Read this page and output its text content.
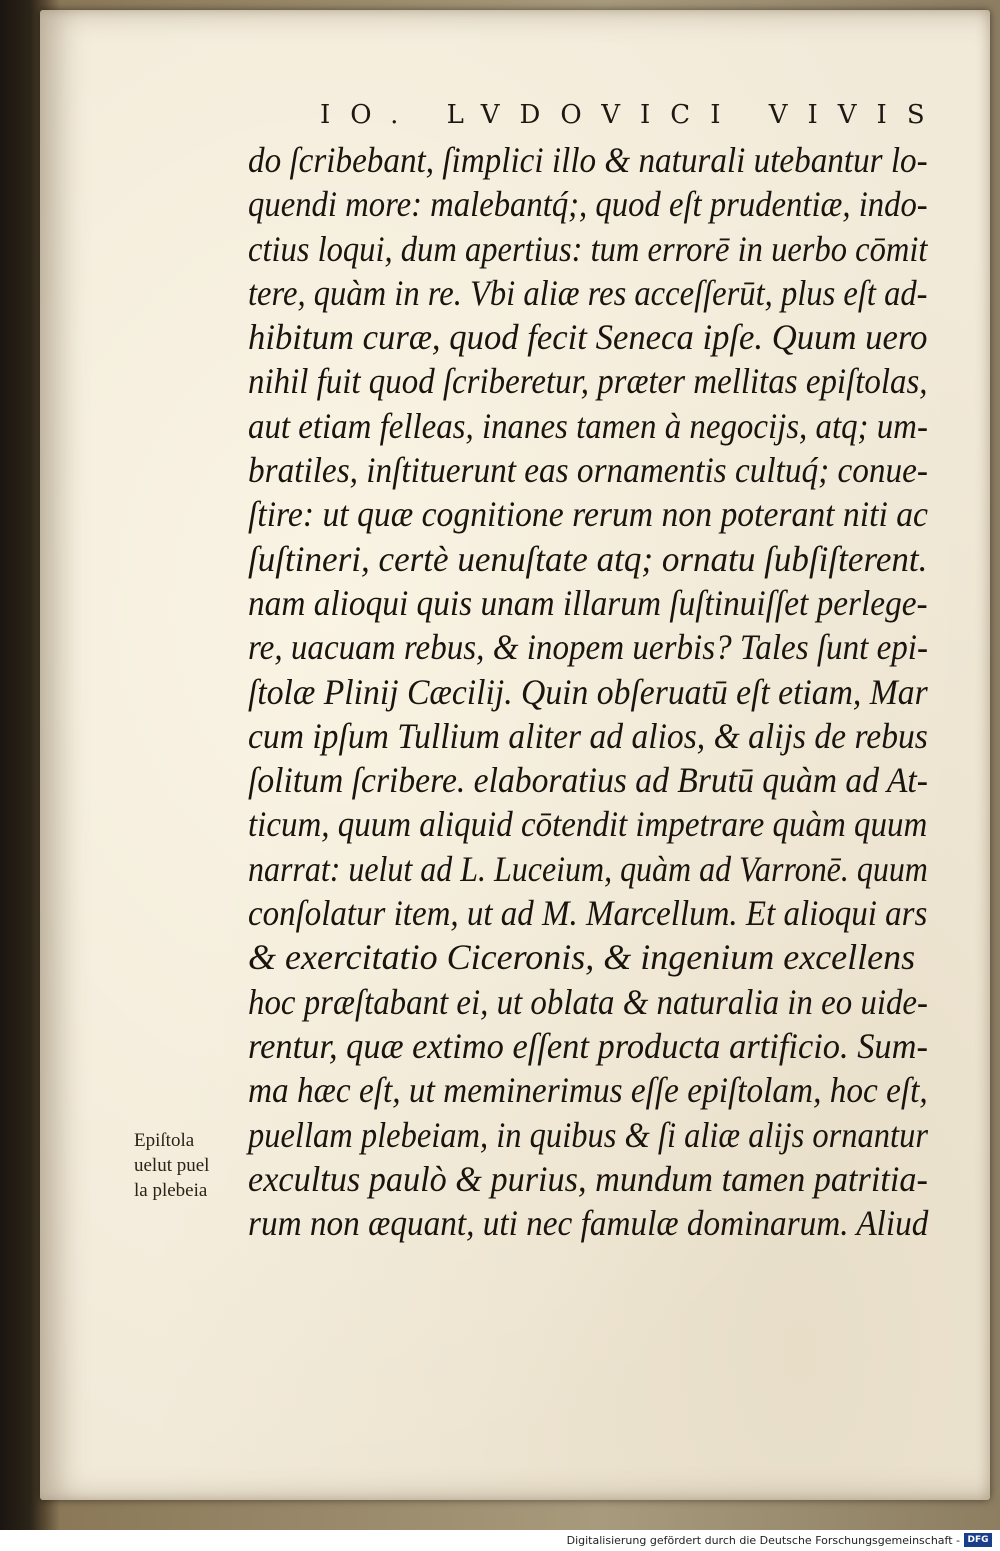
IO. LVDOVICI VIVIS
do ſcribebant, ſimplici illo & naturali utebantur lo-
quendi more: malebantq́;, quod eſt prudentiæ, indo-
ctius loqui, dum apertius: tum errorē in uerbo cōmit
tere, quàm in re. Vbi aliæ res acceſſerūt, plus eſt ad-
hibitum curæ, quod fecit Seneca ipſe. Quum uero
nihil fuit quod ſcriberetur, præter mellitas epiſtolas,
aut etiam felleas, inanes tamen à negocijs, atq; um-
bratiles, inſtituerunt eas ornamentis cultuq́; conue-
ſtire: ut quæ cognitione rerum non poterant niti ac
ſuſtineri, certè uenuſtate atq; ornatu ſubſiſterent.
nam alioqui quis unam illarum ſuſtinuiſſet perlege-
re, uacuam rebus, & inopem uerbis? Tales ſunt epi-
ſtolæ Plinij Cæcilij. Quin obſeruatū eſt etiam, Mar
cum ipſum Tullium aliter ad alios, & alijs de rebus
ſolitum ſcribere. elaboratius ad Brutū quàm ad At-
ticum, quum aliquid cōtendit impetrare quàm quum
narrat: uelut ad L. Luceium, quàm ad Varronē. quum
conſolatur item, ut ad M. Marcellum. Et alioqui ars
& exercitatio Ciceronis, & ingenium excellens
hoc præſtabant ei, ut oblata & naturalia in eo uide-
rentur, quæ extimo eſſent producta artificio. Sum-
ma hæc eſt, ut meminerimus eſſe epiſtolam, hoc eſt,
puellam plebeiam, in quibus & ſi aliæ alijs ornantur
excultus paulò & purius, mundum tamen patritia-
rum non æquant, uti nec famulæ dominarum. Aliud
Epiſtola
uelut puel
la plebeia
Digitalisierung gefördert durch die Deutsche Forschungsgemeinschaft - DFG
